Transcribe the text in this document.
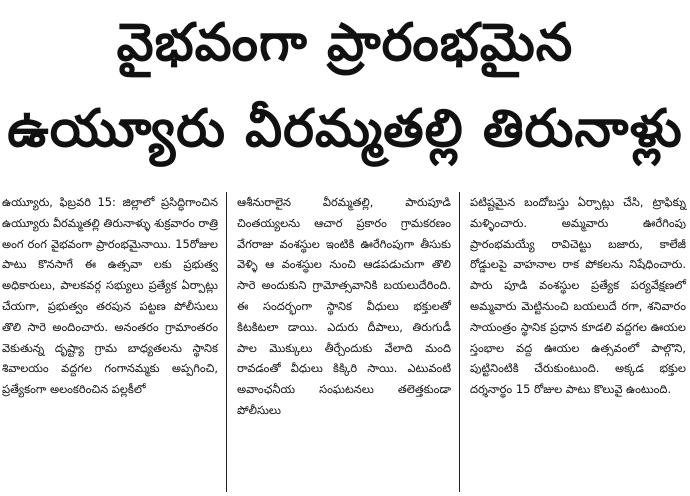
వైభవంగా ప్రారంభమైన
ఉయ్యూరు వీరమ్మతల్లి తిరునాళ్లు
ఉయ్యూరు, ఫిబ్రవరి 15: జిల్లాలో ప్రసిద్ధిగాంచిన ఉయ్యూరు వీరమ్మతల్లి తిరునాళ్ళు శుక్రవారం రాత్రి అంగ రంగ వైభవంగా ప్రారంభమైనాయి. 15రోజుల పాటు కొనసాగే ఈ ఉత్సవా లకు ప్రభుత్వ అధికారులు, పాలకవర్గ సభ్యులు ప్రత్యేక ఏర్పాట్లు చేయగా, ప్రభుత్వం తరపున పట్టణ పోలీసులు తొలి సారె అందించారు. అనంతరం గ్రామాంతరం వెకుతున్న దృష్ట్యా గ్రామ బాధ్యతలను స్థానిక శివాలయం వద్దగల గంగానమ్మకు అప్పగించి, ప్రత్యేకంగా అలంకరించిన పల్లకీలో
ఆశీనురాలైన వీరమ్మతల్లి, పారుపూడి చింతయ్యలను ఆచార ప్రకారం గ్రామకరణం వేగరాజు వంశస్థుల ఇంటికి ఊరేగింపుగా తీసుకు వెళ్ళి ఆ వంశస్థుల నుంచి ఆడపడుచుగా తొలి సారె అందుకుని గ్రామోత్సవానికి బయలుదేరింది. ఈ సందర్భంగా స్థానిక వీధులు భక్తులతో కిటకిటలా డాయి. ఎదురు దీపాలు, తిరుగుడీ పాల మొక్కులు తీర్చేందుకు వేలాది మంది రావడంతో వీధులు కిక్కిరి సాయి. ఎటువంటి అవాంఛనీయ సంఘటనలు తలెత్తకుండా పోలీసులు
పటిష్టమైన బందోబస్తు ఏర్పాట్లు చేసి, ట్రాఫిక్ను మళ్ళించారు. అమ్మవారు ఊరేగింపు ప్రారంభమయ్యే రావిచెట్టు బజారు, కాలేజీ రోడ్డులపై వాహనాల రాక పోకలను నిషేధించారు. పారు పూడి వంశస్థుల ప్రత్యేక పర్యవేక్షణలో అమ్మవారు మెట్టినుంచి బయలుదే రగా, శనివారం సాయంత్రం స్థానిక ప్రధాన కూడలి వద్దగల ఊయల స్తంభాల వద్ద ఊయల ఉత్సవంలో పాల్గొని, పుట్టినింటికి చేరుకుంటుంది. అక్కడ భక్తుల దర్శనార్థం 15 రోజుల పాటు కొలువై ఉంటుంది.
